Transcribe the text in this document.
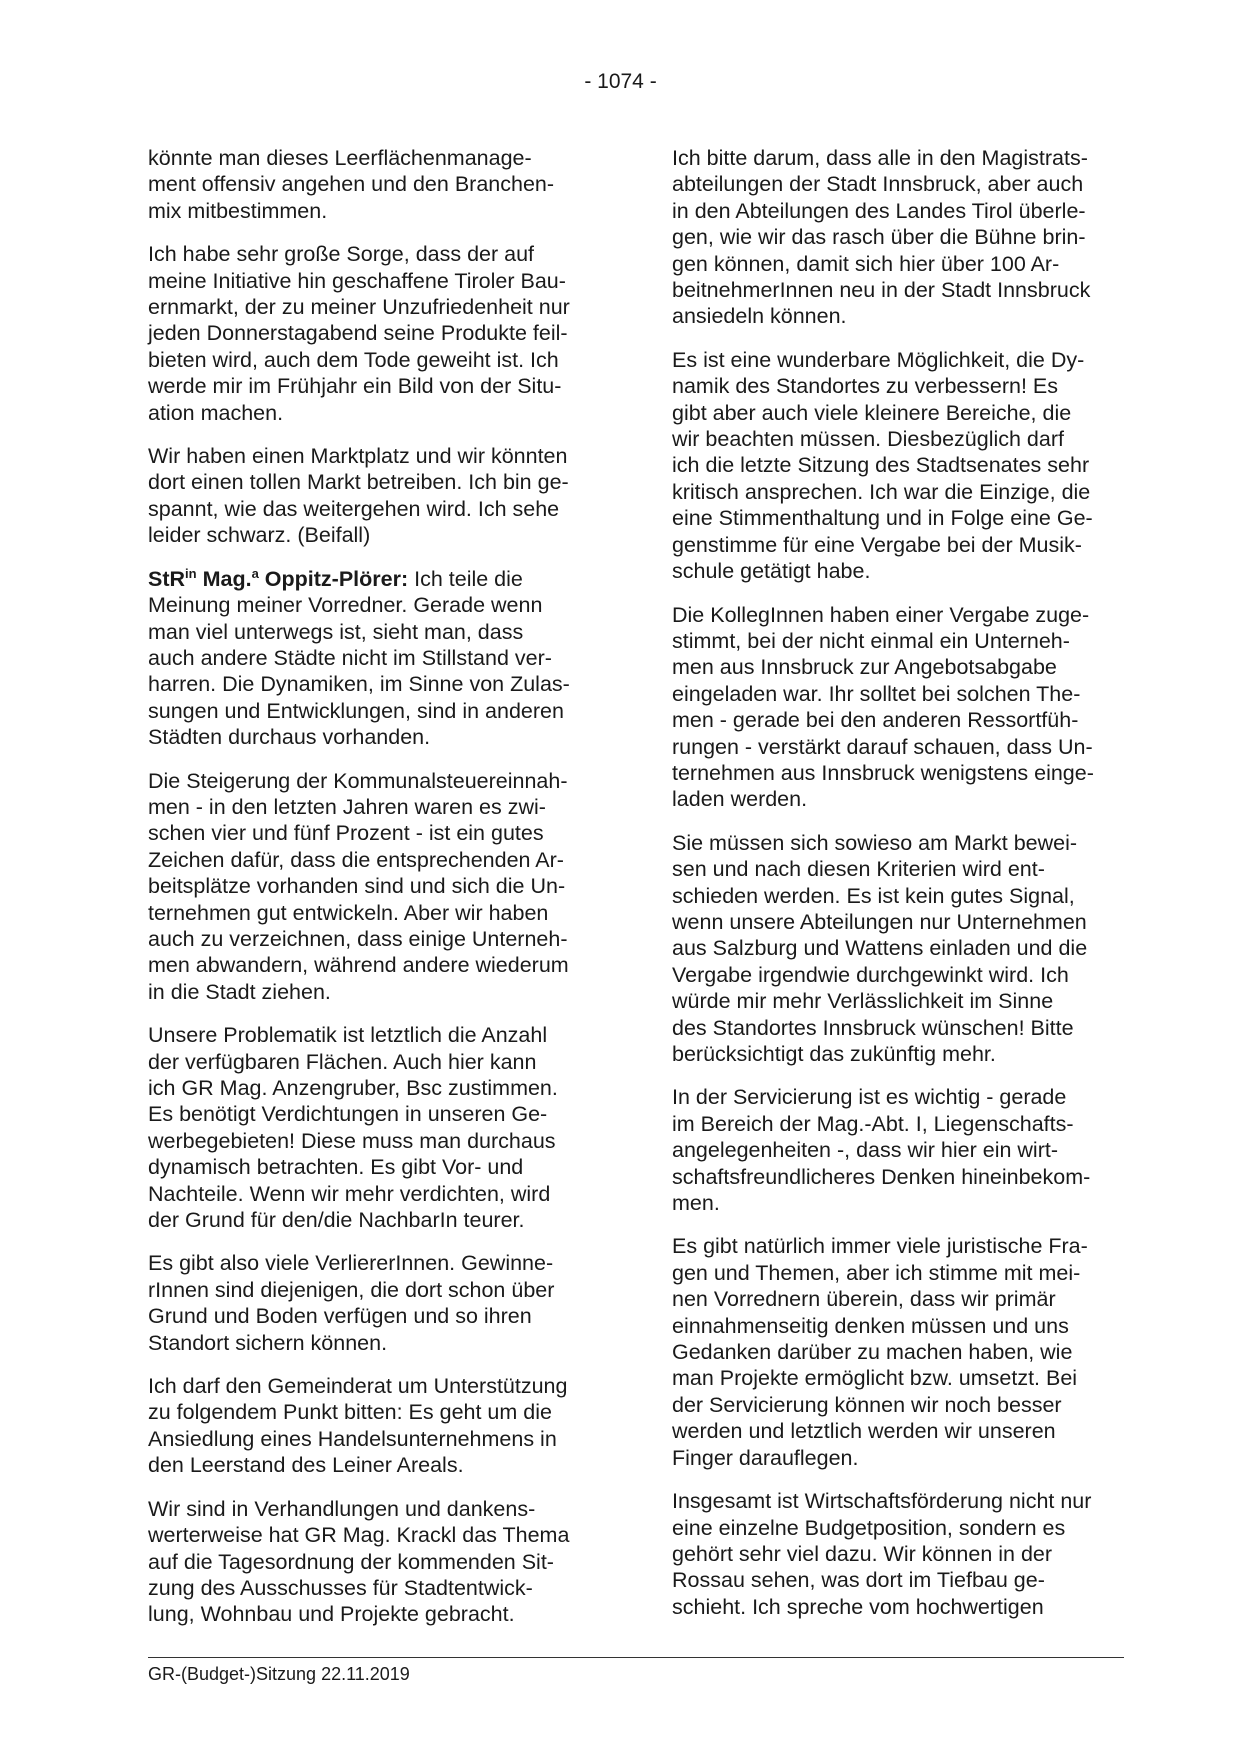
- 1074 -

könnte man dieses Leerflächenmanage-
ment offensiv angehen und den Branchen-
mix mitbestimmen.

Ich habe sehr große Sorge, dass der auf
meine Initiative hin geschaffene Tiroler Bau-
ernmarkt, der zu meiner Unzufriedenheit nur
jeden Donnerstagabend seine Produkte feil-
bieten wird, auch dem Tode geweiht ist. Ich
werde mir im Frühjahr ein Bild von der Situ-
ation machen.

Wir haben einen Marktplatz und wir könnten
dort einen tollen Markt betreiben. Ich bin ge-
spannt, wie das weitergehen wird. Ich sehe
leider schwarz. (Beifall)

StR$^{in}$ Mag.$^a$ Oppitz-Plörer: Ich teile die
Meinung meiner Vorredner. Gerade wenn
man viel unterwegs ist, sieht man, dass
auch andere Städte nicht im Stillstand ver-
harren. Die Dynamiken, im Sinne von Zulas-
sungen und Entwicklungen, sind in anderen
Städten durchaus vorhanden.

Die Steigerung der Kommunalsteuereinnah-
men - in den letzten Jahren waren es zwi-
schen vier und fünf Prozent - ist ein gutes
Zeichen dafür, dass die entsprechenden Ar-
beitsplätze vorhanden sind und sich die Un-
ternehmen gut entwickeln. Aber wir haben
auch zu verzeichnen, dass einige Unterneh-
men abwandern, während andere wiederum
in die Stadt ziehen.

Unsere Problematik ist letztlich die Anzahl
der verfügbaren Flächen. Auch hier kann
ich GR Mag. Anzengruber, Bsc zustimmen.
Es benötigt Verdichtungen in unseren Ge-
werbegebieten! Diese muss man durchaus
dynamisch betrachten. Es gibt Vor- und
Nachteile. Wenn wir mehr verdichten, wird
der Grund für den/die NachbarIn teurer.

Es gibt also viele VerliererInnen. Gewinne-
rInnen sind diejenigen, die dort schon über
Grund und Boden verfügen und so ihren
Standort sichern können.

Ich darf den Gemeinderat um Unterstützung
zu folgendem Punkt bitten: Es geht um die
Ansiedlung eines Handelsunternehmens in
den Leerstand des Leiner Areals.

Wir sind in Verhandlungen und dankens-
werterweise hat GR Mag. Krackl das Thema
auf die Tagesordnung der kommenden Sit-
zung des Ausschusses für Stadtentwick-
lung, Wohnbau und Projekte gebracht.

Ich bitte darum, dass alle in den Magistrats-
abteilungen der Stadt Innsbruck, aber auch
in den Abteilungen des Landes Tirol überle-
gen, wie wir das rasch über die Bühne brin-
gen können, damit sich hier über 100 Ar-
beitnehmerInnen neu in der Stadt Innsbruck
ansiedeln können.

Es ist eine wunderbare Möglichkeit, die Dy-
namik des Standortes zu verbessern! Es
gibt aber auch viele kleinere Bereiche, die
wir beachten müssen. Diesbezüglich darf
ich die letzte Sitzung des Stadtsenates sehr
kritisch ansprechen. Ich war die Einzige, die
eine Stimmenthaltung und in Folge eine Ge-
genstimme für eine Vergabe bei der Musik-
schule getätigt habe.

Die KollegInnen haben einer Vergabe zuge-
stimmt, bei der nicht einmal ein Unterneh-
men aus Innsbruck zur Angebotsabgabe
eingeladen war. Ihr solltet bei solchen The-
men - gerade bei den anderen Ressortfüh-
rungen - verstärkt darauf schauen, dass Un-
ternehmen aus Innsbruck wenigstens einge-
laden werden.

Sie müssen sich sowieso am Markt bewei-
sen und nach diesen Kriterien wird ent-
schieden werden. Es ist kein gutes Signal,
wenn unsere Abteilungen nur Unternehmen
aus Salzburg und Wattens einladen und die
Vergabe irgendwie durchgewinkt wird. Ich
würde mir mehr Verlässlichkeit im Sinne
des Standortes Innsbruck wünschen! Bitte
berücksichtigt das zukünftig mehr.

In der Servicierung ist es wichtig - gerade
im Bereich der Mag.-Abt. I, Liegenschafts-
angelegenheiten -, dass wir hier ein wirt-
schaftsfreundlicheres Denken hineinbekom-
men.

Es gibt natürlich immer viele juristische Fra-
gen und Themen, aber ich stimme mit mei-
nen Vorrednern überein, dass wir primär
einnahmenseitig denken müssen und uns
Gedanken darüber zu machen haben, wie
man Projekte ermöglicht bzw. umsetzt. Bei
der Servicierung können wir noch besser
werden und letztlich werden wir unseren
Finger darauflegen.

Insgesamt ist Wirtschaftsförderung nicht nur
eine einzelne Budgetposition, sondern es
gehört sehr viel dazu. Wir können in der
Rossau sehen, was dort im Tiefbau ge-
schieht. Ich spreche vom hochwertigen

GR-(Budget-)Sitzung 22.11.2019
